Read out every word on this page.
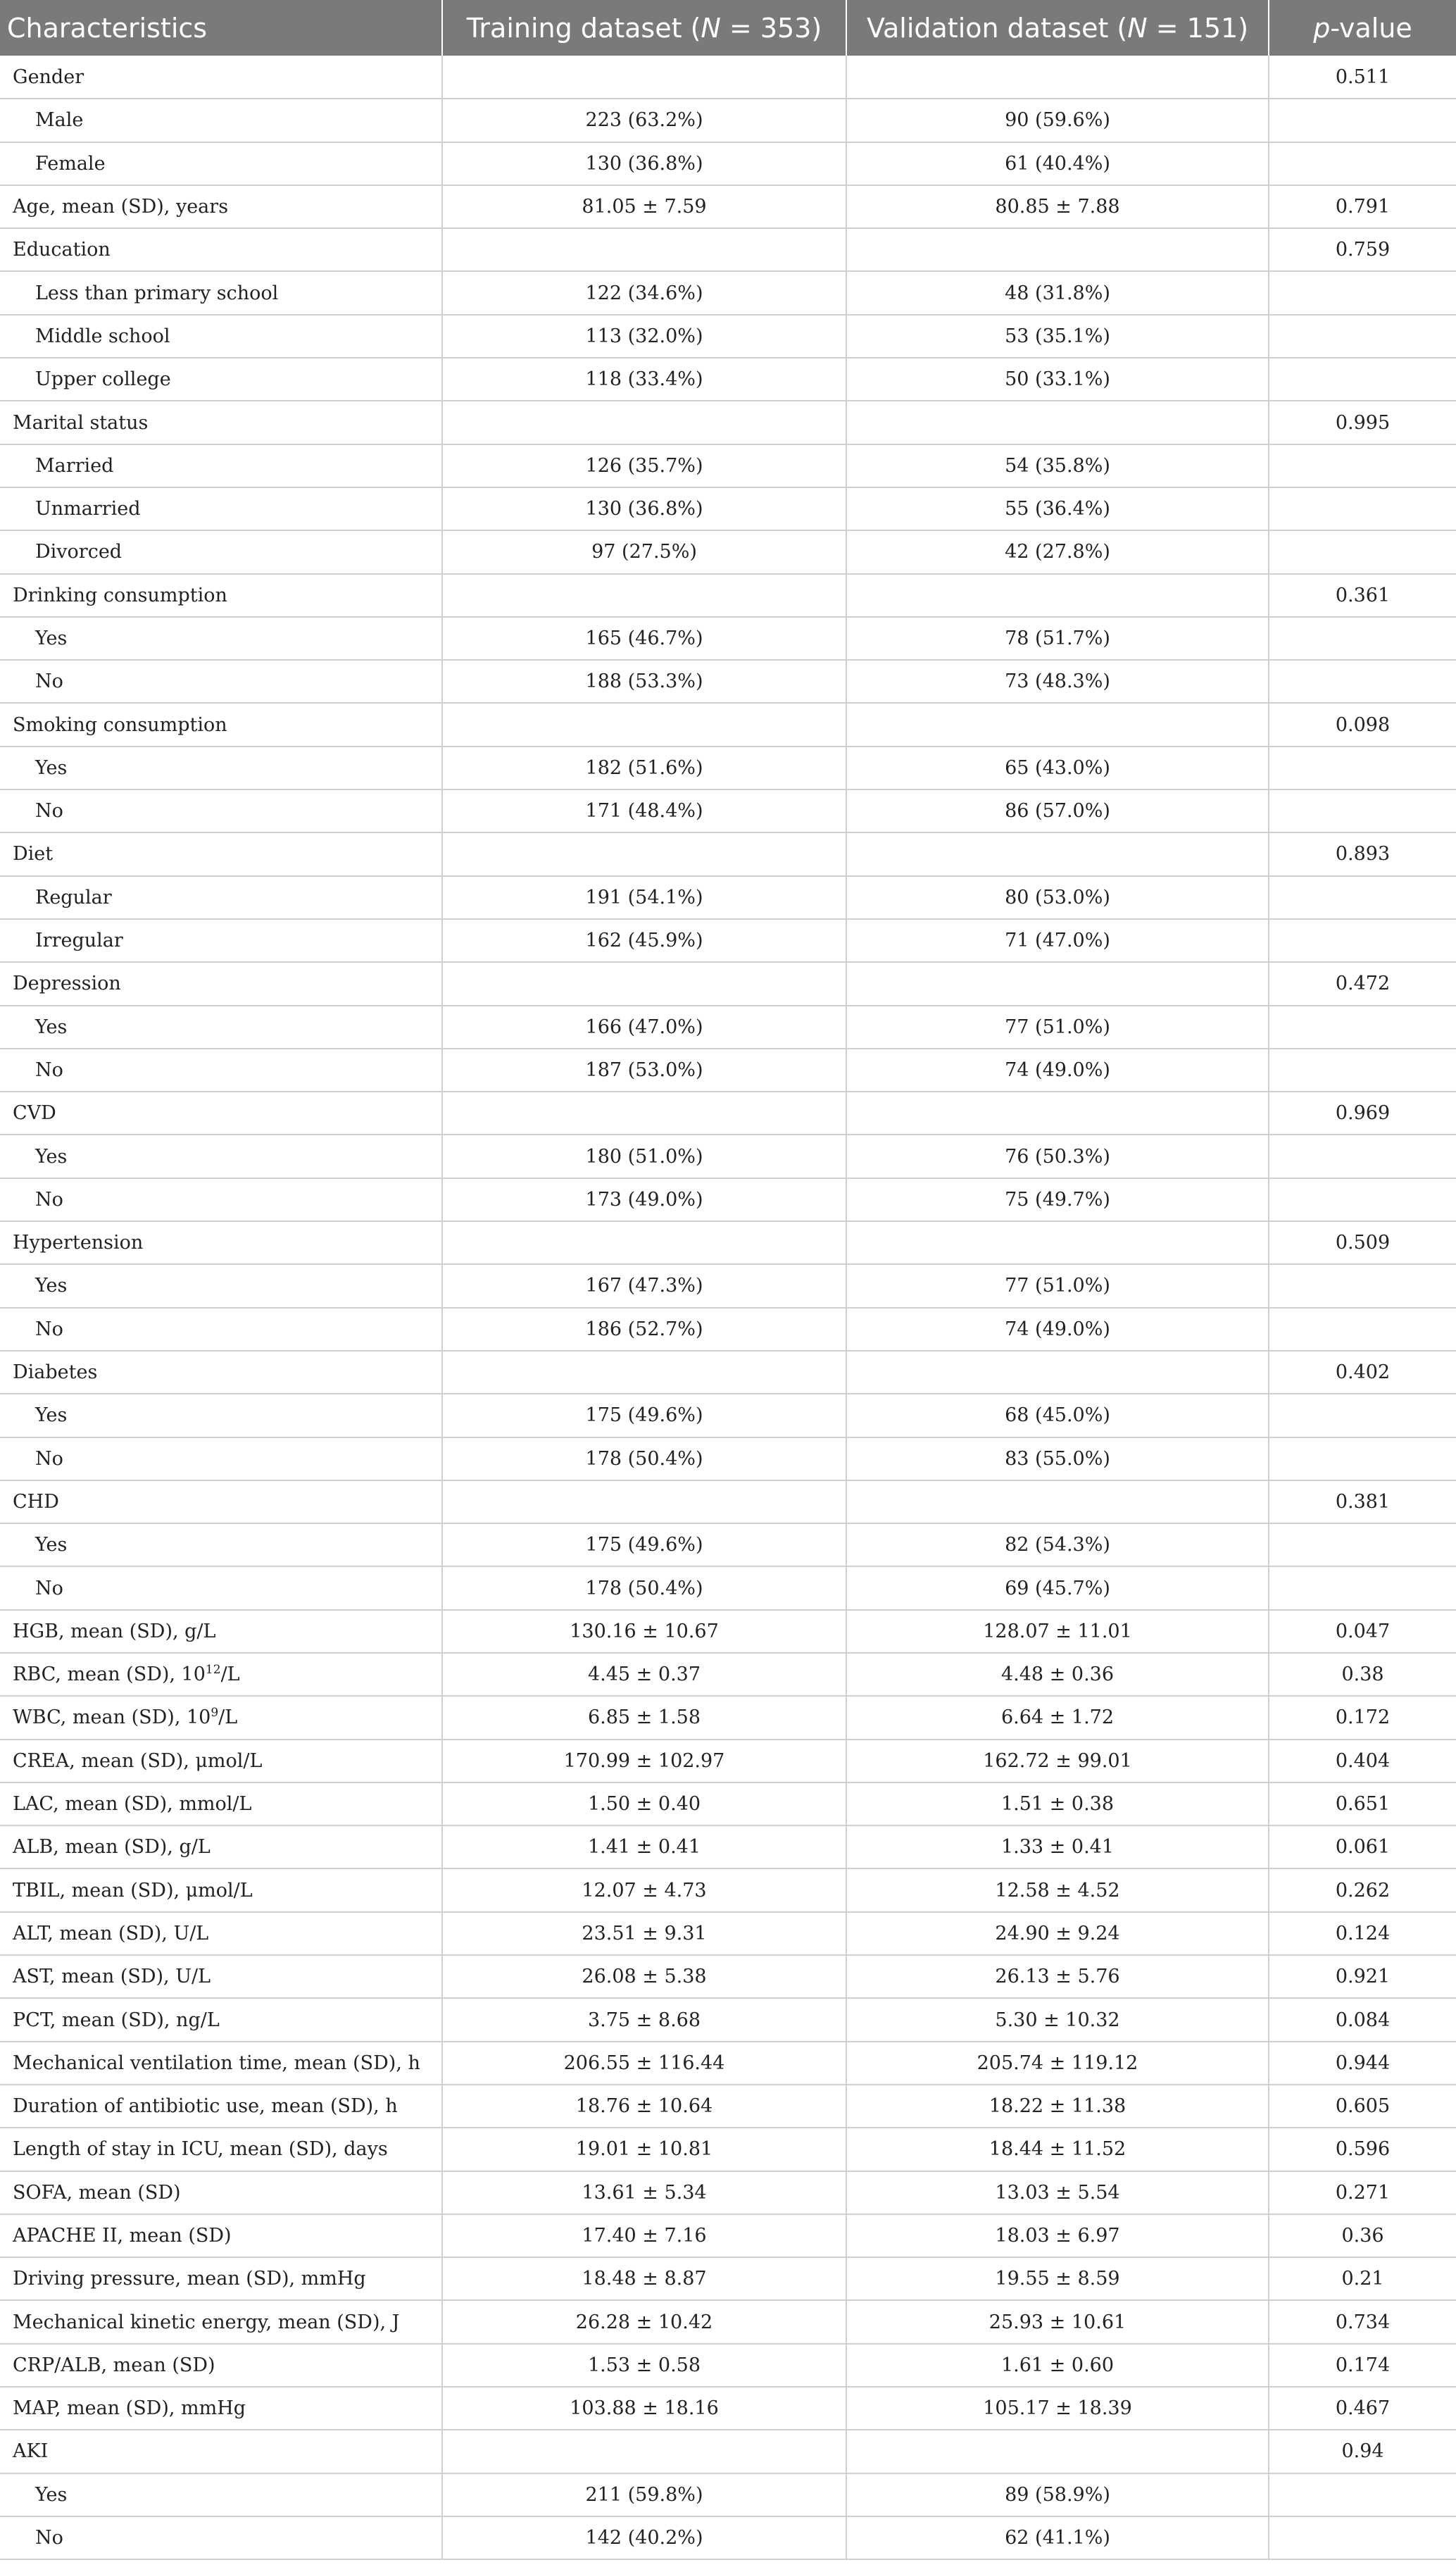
Characteristics	Training dataset (N = 353)	Validation dataset (N = 151)	p-value
Gender			0.511
Male	223 (63.2%)	90 (59.6%)	
Female	130 (36.8%)	61 (40.4%)	
Age, mean (SD), years	81.05 ± 7.59	80.85 ± 7.88	0.791
Education			0.759
Less than primary school	122 (34.6%)	48 (31.8%)	
Middle school	113 (32.0%)	53 (35.1%)	
Upper college	118 (33.4%)	50 (33.1%)	
Marital status			0.995
Married	126 (35.7%)	54 (35.8%)	
Unmarried	130 (36.8%)	55 (36.4%)	
Divorced	97 (27.5%)	42 (27.8%)	
Drinking consumption			0.361
Yes	165 (46.7%)	78 (51.7%)	
No	188 (53.3%)	73 (48.3%)	
Smoking consumption			0.098
Yes	182 (51.6%)	65 (43.0%)	
No	171 (48.4%)	86 (57.0%)	
Diet			0.893
Regular	191 (54.1%)	80 (53.0%)	
Irregular	162 (45.9%)	71 (47.0%)	
Depression			0.472
Yes	166 (47.0%)	77 (51.0%)	
No	187 (53.0%)	74 (49.0%)	
CVD			0.969
Yes	180 (51.0%)	76 (50.3%)	
No	173 (49.0%)	75 (49.7%)	
Hypertension			0.509
Yes	167 (47.3%)	77 (51.0%)	
No	186 (52.7%)	74 (49.0%)	
Diabetes			0.402
Yes	175 (49.6%)	68 (45.0%)	
No	178 (50.4%)	83 (55.0%)	
CHD			0.381
Yes	175 (49.6%)	82 (54.3%)	
No	178 (50.4%)	69 (45.7%)	
HGB, mean (SD), g/L	130.16 ± 10.67	128.07 ± 11.01	0.047
RBC, mean (SD), $10^{12}/L$	4.45 ± 0.37	4.48 ± 0.36	0.38
WBC, mean (SD), $10^9/L$	6.85 ± 1.58	6.64 ± 1.72	0.172
CREA, mean (SD), μmol/L	170.99 ± 102.97	162.72 ± 99.01	0.404
LAC, mean (SD), mmol/L	1.50 ± 0.40	1.51 ± 0.38	0.651
ALB, mean (SD), g/L	1.41 ± 0.41	1.33 ± 0.41	0.061
TBIL, mean (SD), μmol/L	12.07 ± 4.73	12.58 ± 4.52	0.262
ALT, mean (SD), U/L	23.51 ± 9.31	24.90 ± 9.24	0.124
AST, mean (SD), U/L	26.08 ± 5.38	26.13 ± 5.76	0.921
PCT, mean (SD), ng/L	3.75 ± 8.68	5.30 ± 10.32	0.084
Mechanical ventilation time, mean (SD), h	206.55 ± 116.44	205.74 ± 119.12	0.944
Duration of antibiotic use, mean (SD), h	18.76 ± 10.64	18.22 ± 11.38	0.605
Length of stay in ICU, mean (SD), days	19.01 ± 10.81	18.44 ± 11.52	0.596
SOFA, mean (SD)	13.61 ± 5.34	13.03 ± 5.54	0.271
APACHE II, mean (SD)	17.40 ± 7.16	18.03 ± 6.97	0.36
Driving pressure, mean (SD), mmHg	18.48 ± 8.87	19.55 ± 8.59	0.21
Mechanical kinetic energy, mean (SD), J	26.28 ± 10.42	25.93 ± 10.61	0.734
CRP/ALB, mean (SD)	1.53 ± 0.58	1.61 ± 0.60	0.174
MAP, mean (SD), mmHg	103.88 ± 18.16	105.17 ± 18.39	0.467
AKI			0.94
Yes	211 (59.8%)	89 (58.9%)	
No	142 (40.2%)	62 (41.1%)	
